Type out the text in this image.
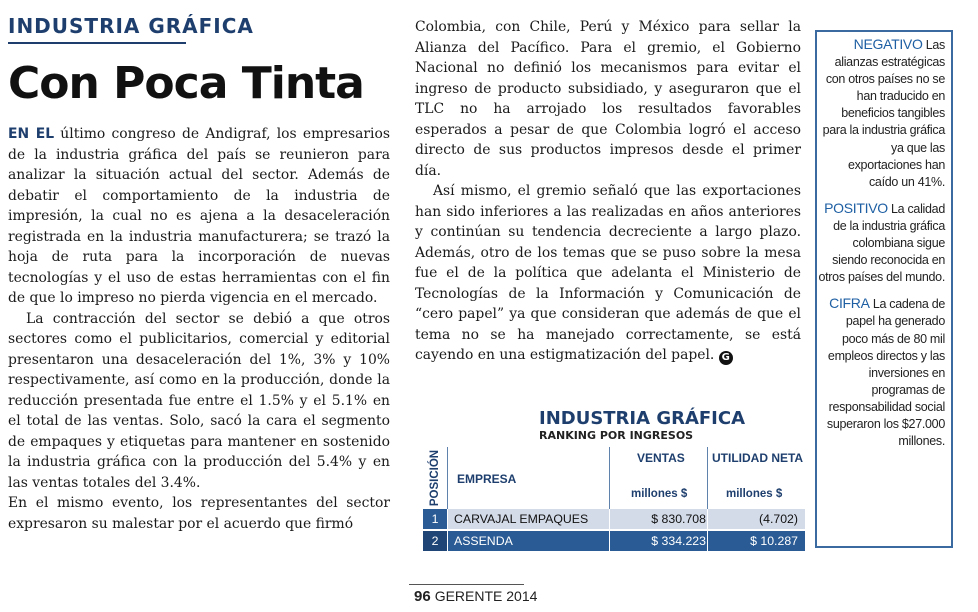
INDUSTRIA GRÁFICA
Con Poca Tinta

EN EL último congreso de Andigraf, los empresarios de la industria gráfica del país se reunieron para analizar la situación actual del sector. Además de debatir el comportamiento de la industria de impresión, la cual no es ajena a la desaceleración registrada en la industria manufacturera; se trazó la hoja de ruta para la incorporación de nuevas tecnologías y el uso de estas herramientas con el fin de que lo impreso no pierda vigencia en el mercado.

La contracción del sector se debió a que otros sectores como el publicitarios, comercial y editorial presentaron una desaceleración del 1%, 3% y 10% respectivamente, así como en la producción, donde la reducción presentada fue entre el 1.5% y el 5.1% en el total de las ventas. Solo, sacó la cara el segmento de empaques y etiquetas para mantener en sostenido la industria gráfica con la producción del 5.4% y en las ventas totales del 3.4%.

En el mismo evento, los representantes del sector expresaron su malestar por el acuerdo que firmó

Colombia, con Chile, Perú y México para sellar la Alianza del Pacífico. Para el gremio, el Gobierno Nacional no definió los mecanismos para evitar el ingreso de producto subsidiado, y aseguraron que el TLC no ha arrojado los resultados favorables esperados a pesar de que Colombia logró el acceso directo de sus productos impresos desde el primer día.

Así mismo, el gremio señaló que las exportaciones han sido inferiores a las realizadas en años anteriores y continúan su tendencia decreciente a largo plazo. Además, otro de los temas que se puso sobre la mesa fue el de la política que adelanta el Ministerio de Tecnologías de la Información y Comunicación de “cero papel” ya que consideran que además de que el tema no se ha manejado correctamente, se está cayendo en una estigmatización del papel. G

NEGATIVO Las alianzas estratégicas con otros países no se han traducido en beneficios tangibles para la industria gráfica ya que las exportaciones han caído un 41%.

POSITIVO La calidad de la industria gráfica colombiana sigue siendo reconocida en otros países del mundo.

CIFRA La cadena de papel ha generado poco más de 80 mil empleos directos y las inversiones en programas de responsabilidad social superaron los $27.000 millones.

INDUSTRIA GRÁFICA
RANKING POR INGRESOS
POSICIÓN EMPRESA
VENTAS UTILIDAD NETA
millones $	millones $
1	CARVAJAL EMPAQUES	$ 830.708	(4.702)
2	ASSENDA	$ 334.223	$ 10.287
96 GERENTE 2014
